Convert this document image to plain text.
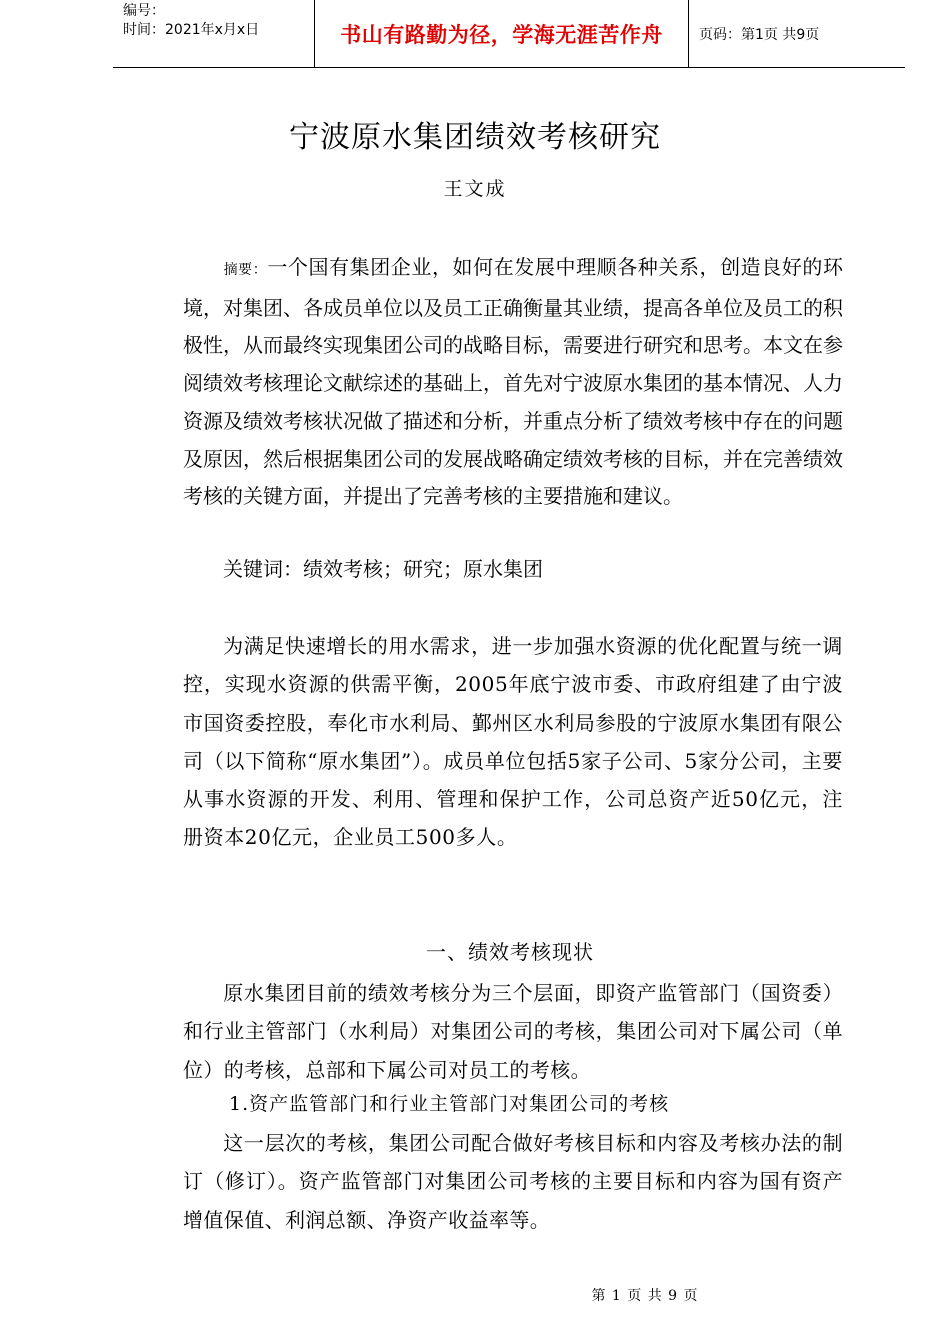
编号：
时间：2021年x月x日	书山有路勤为径，学海无涯苦作舟	页码：第1页 共9页
宁波原水集团绩效考核研究
王文成
摘要：一个国有集团企业，如何在发展中理顺各种关系，创造良好的环境，对集团、各成员单位以及员工正确衡量其业绩，提高各单位及员工的积极性，从而最终实现集团公司的战略目标，需要进行研究和思考。本文在参阅绩效考核理论文献综述的基础上，首先对宁波原水集团的基本情况、人力资源及绩效考核状况做了描述和分析，并重点分析了绩效考核中存在的问题及原因，然后根据集团公司的发展战略确定绩效考核的目标，并在完善绩效考核的关键方面，并提出了完善考核的主要措施和建议。
关键词：绩效考核；研究；原水集团
为满足快速增长的用水需求，进一步加强水资源的优化配置与统一调控，实现水资源的供需平衡，2005年底宁波市委、市政府组建了由宁波市国资委控股，奉化市水利局、鄞州区水利局参股的宁波原水集团有限公司（以下简称“原水集团”）。成员单位包括5家子公司、5家分公司，主要从事水资源的开发、利用、管理和保护工作，公司总资产近50亿元，注册资本20亿元，企业员工500多人。
一、绩效考核现状
原水集团目前的绩效考核分为三个层面，即资产监管部门（国资委）和行业主管部门（水利局）对集团公司的考核，集团公司对下属公司（单位）的考核，总部和下属公司对员工的考核。
1.资产监管部门和行业主管部门对集团公司的考核
这一层次的考核，集团公司配合做好考核目标和内容及考核办法的制订（修订）。资产监管部门对集团公司考核的主要目标和内容为国有资产增值保值、利润总额、净资产收益率等。
第 1 页 共 9 页
